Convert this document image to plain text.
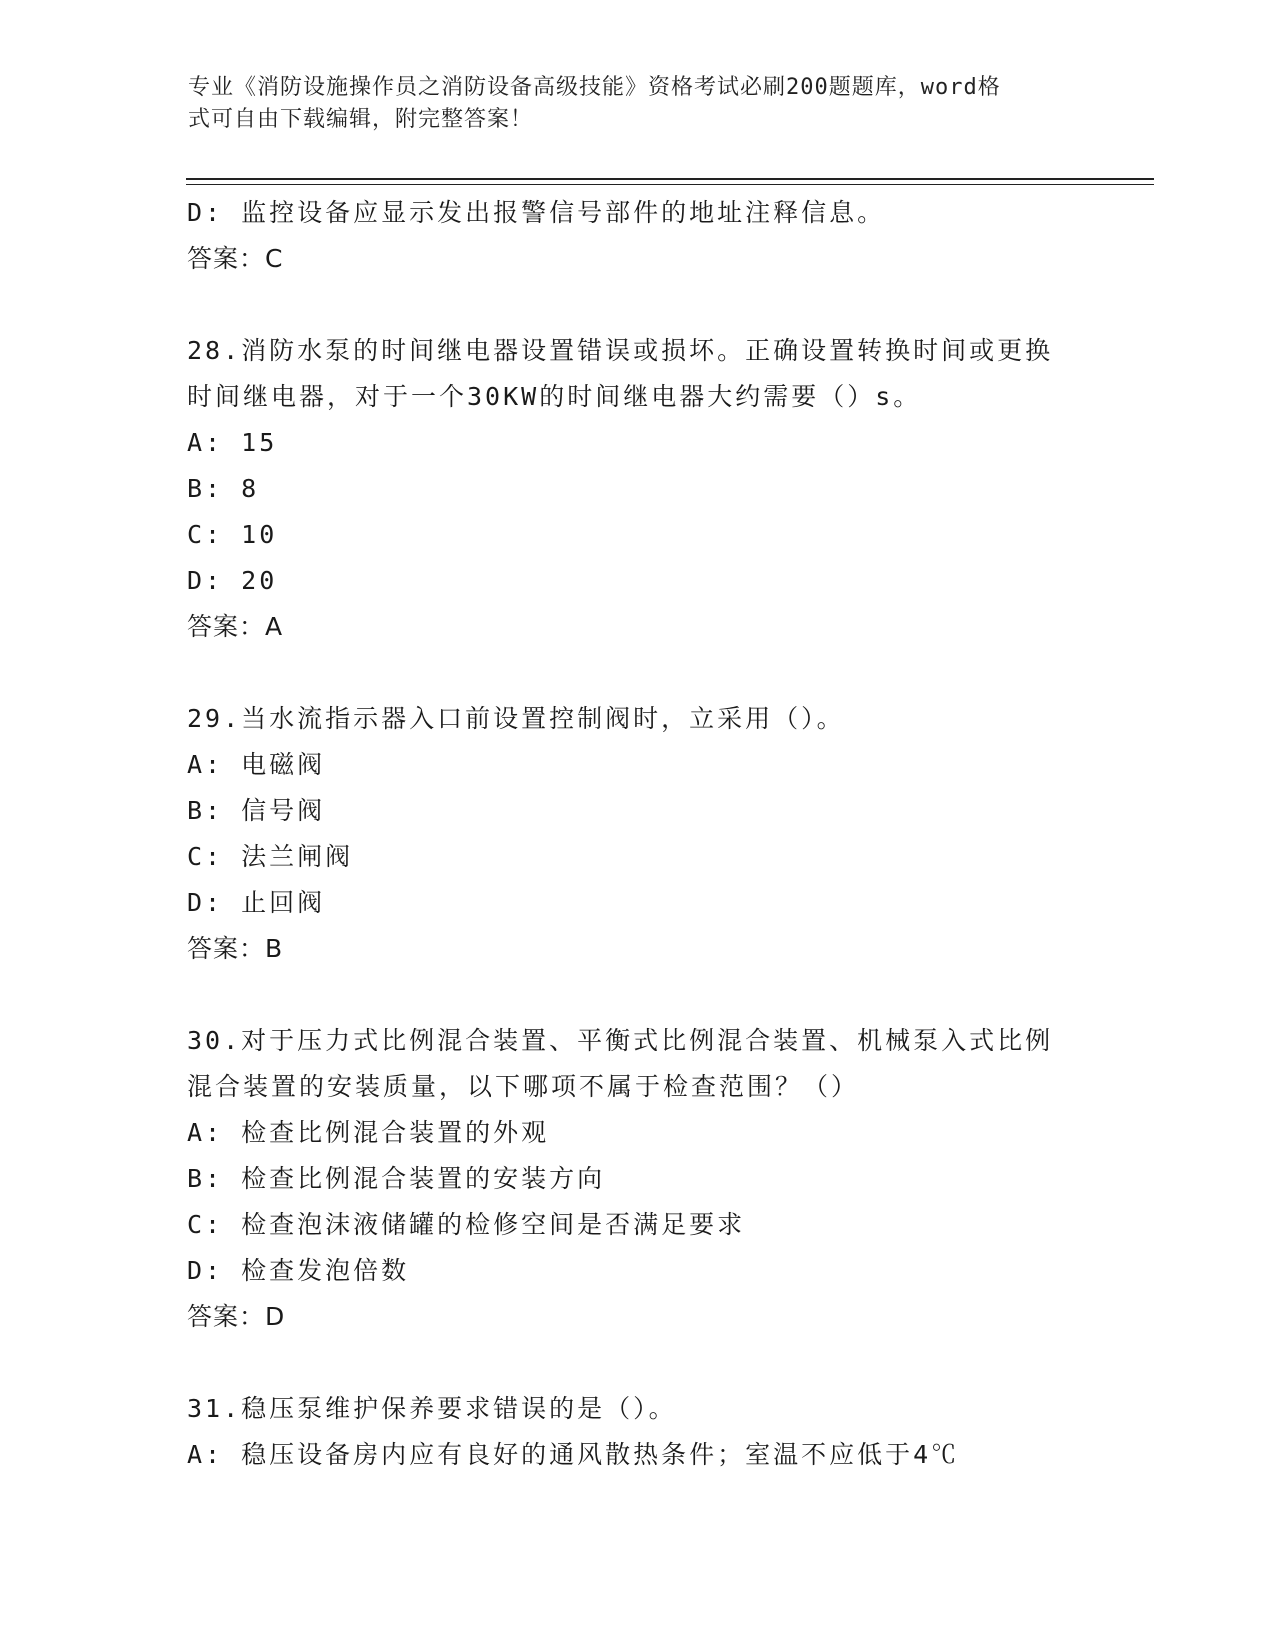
专业《消防设施操作员之消防设备高级技能》资格考试必刷200题题库，word格
式可自由下载编辑，附完整答案！
D: 监控设备应显示发出报警信号部件的地址注释信息。
答案：C
28.消防水泵的时间继电器设置错误或损坏。正确设置转换时间或更换
时间继电器，对于一个30KW的时间继电器大约需要（）s。
A: 15
B: 8
C: 10
D: 20
答案：A
29.当水流指示器入口前设置控制阀时，立采用（）。
A: 电磁阀
B: 信号阀
C: 法兰闸阀
D: 止回阀
答案：B
30.对于压力式比例混合装置、平衡式比例混合装置、机械泵入式比例
混合装置的安装质量，以下哪项不属于检查范围？（）
A: 检查比例混合装置的外观
B: 检查比例混合装置的安装方向
C: 检查泡沫液储罐的检修空间是否满足要求
D: 检查发泡倍数
答案：D
31.稳压泵维护保养要求错误的是（）。
A: 稳压设备房内应有良好的通风散热条件；室温不应低于4℃
